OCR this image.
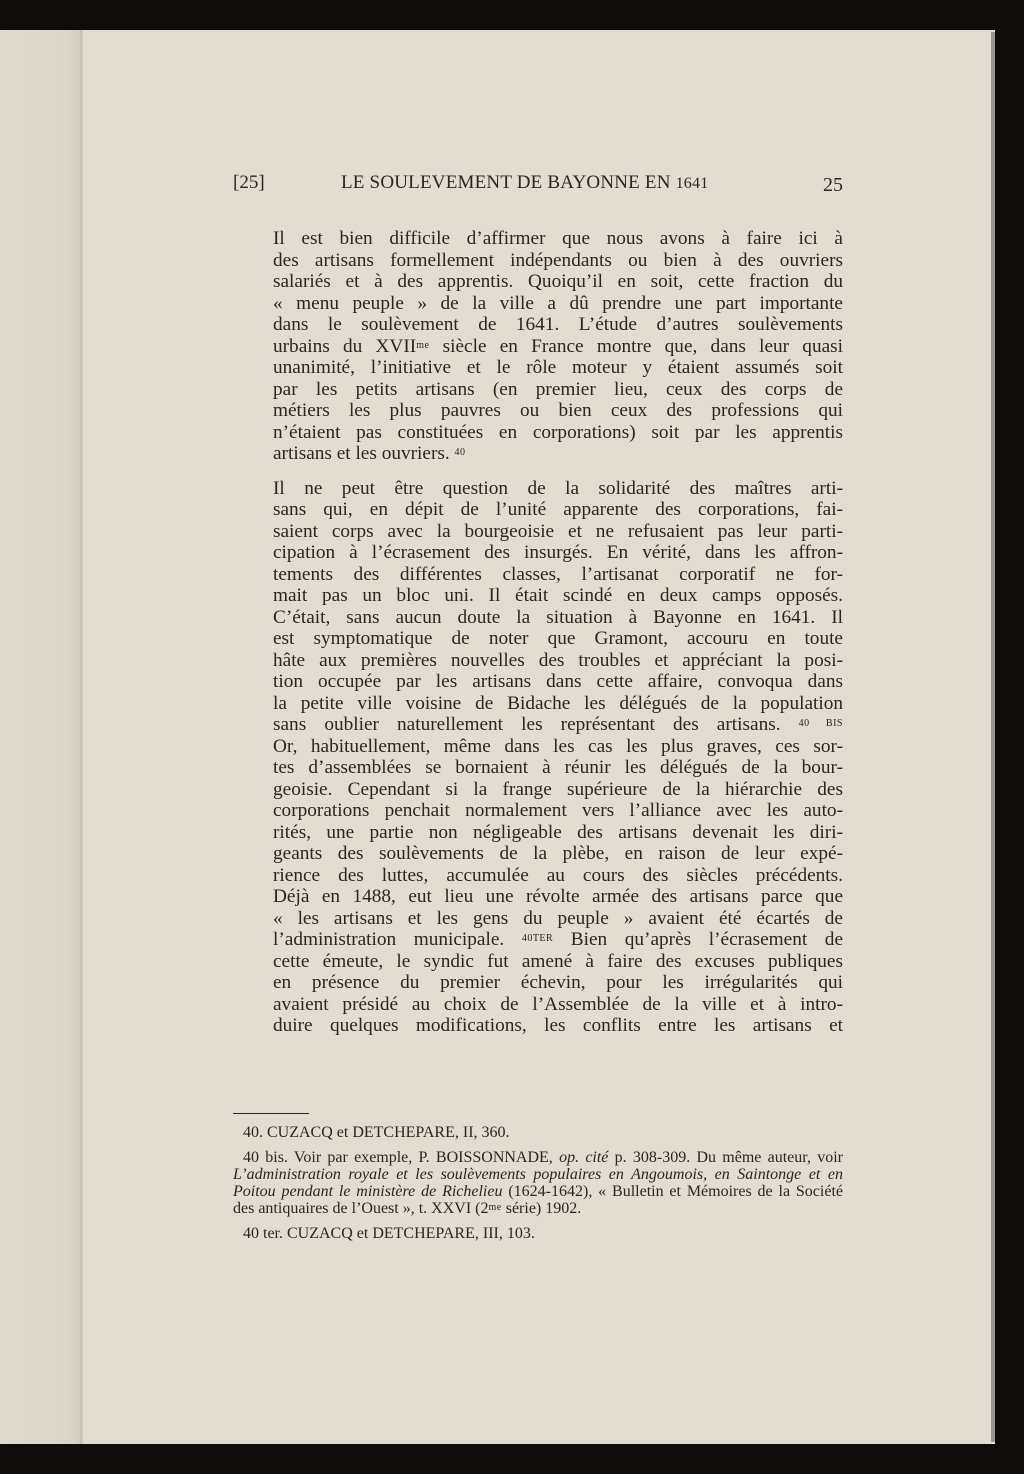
[25]	LE SOULEVEMENT DE BAYONNE EN 1641	25

Il est bien difficile d’affirmer que nous avons à faire ici à
des artisans formellement indépendants ou bien à des ouvriers
salariés et à des apprentis. Quoiqu’il en soit, cette fraction du
« menu peuple » de la ville a dû prendre une part importante
dans le soulèvement de 1641. L’étude d’autres soulèvements
urbains du $XVII^{me}$ siècle en France montre que, dans leur quasi
unanimité, l’initiative et le rôle moteur y étaient assumés soit
par les petits artisans (en premier lieu, ceux des corps de
métiers les plus pauvres ou bien ceux des professions qui
n’étaient pas constituées en corporations) soit par les apprentis
artisans et les ouvriers. $^{40}$

Il ne peut être question de la solidarité des maîtres arti-
sans qui, en dépit de l’unité apparente des corporations, fai-
saient corps avec la bourgeoisie et ne refusaient pas leur parti-
cipation à l’écrasement des insurgés. En vérité, dans les affron-
tements des différentes classes, l’artisanat corporatif ne for-
mait pas un bloc uni. Il était scindé en deux camps opposés.
C’était, sans aucun doute la situation à Bayonne en 1641. Il
est symptomatique de noter que Gramont, accouru en toute
hâte aux premières nouvelles des troubles et appréciant la posi-
tion occupée par les artisans dans cette affaire, convoqua dans
la petite ville voisine de Bidache les délégués de la population
sans oublier naturellement les représentant des artisans. $^{40 BIS}$
Or, habituellement, même dans les cas les plus graves, ces sor-
tes d’assemblées se bornaient à réunir les délégués de la bour-
geoisie. Cependant si la frange supérieure de la hiérarchie des
corporations penchait normalement vers l’alliance avec les auto-
rités, une partie non négligeable des artisans devenait les diri-
geants des soulèvements de la plèbe, en raison de leur expé-
rience des luttes, accumulée au cours des siècles précédents.
Déjà en 1488, eut lieu une révolte armée des artisans parce que
« les artisans et les gens du peuple » avaient été écartés de
l’administration municipale. $^{40TER}$ Bien qu’après l’écrasement de
cette émeute, le syndic fut amené à faire des excuses publiques
en présence du premier échevin, pour les irrégularités qui
avaient présidé au choix de l’Assemblée de la ville et à intro-
duire quelques modifications, les conflits entre les artisans et

40. CUZACQ et DETCHEPARE, II, 360.

40 bis. Voir par exemple, P. BOISSONNADE, op. cité p. 308-309. Du même auteur, voir L’administration royale et les soulèvements populaires en Angoumois, en Saintonge et en Poitou pendant le ministère de Richelieu (1624-1642), « Bulletin et Mémoires de la Société des antiquaires de l’Ouest », t. XXVI ($2^{me}$ série) 1902.

40 ter. CUZACQ et DETCHEPARE, III, 103.
